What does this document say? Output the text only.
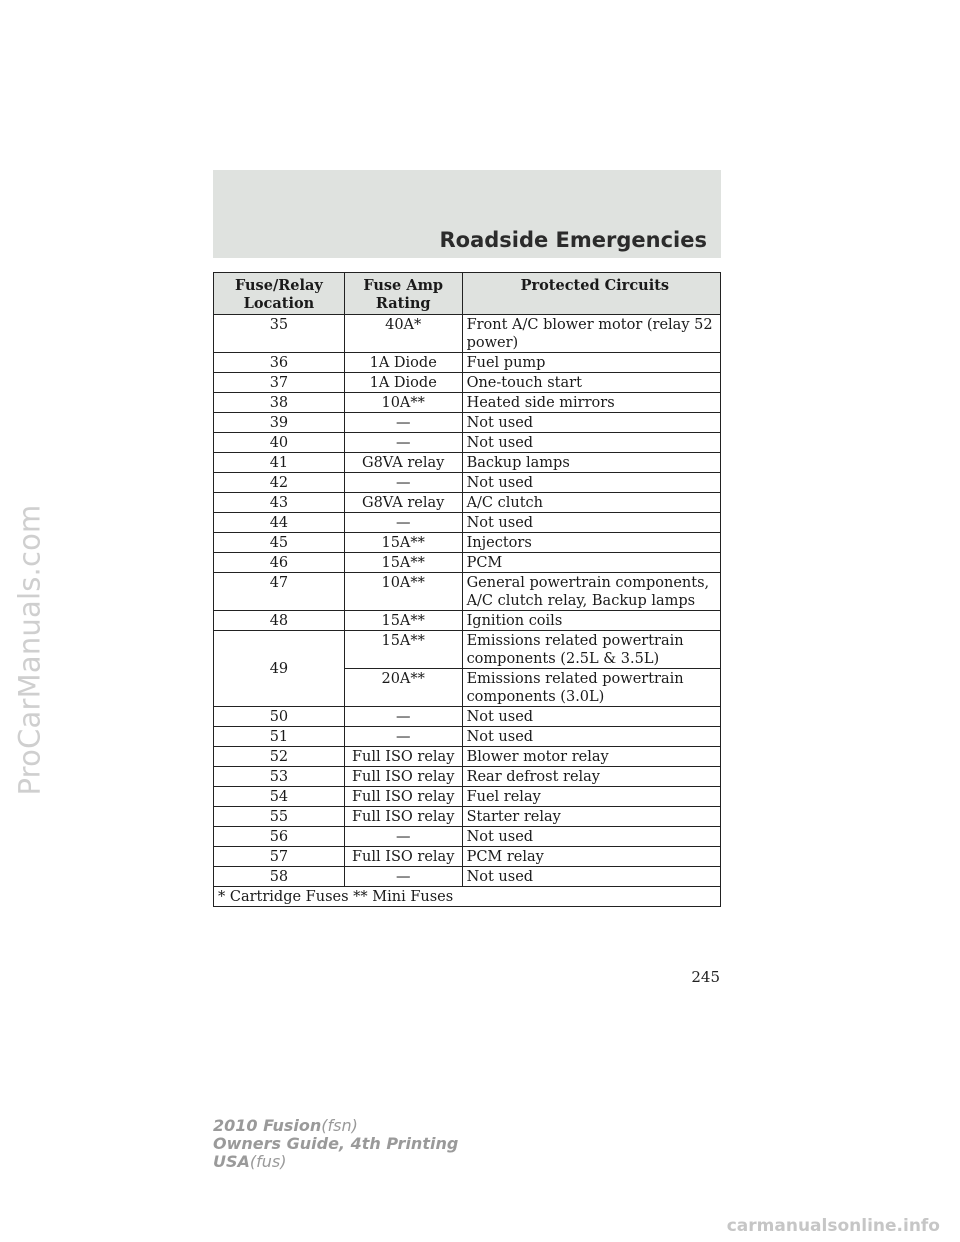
ProCarManuals.com
Roadside Emergencies
Fuse/Relay Location	Fuse Amp Rating	Protected Circuits
35	40A*	Front A/C blower motor (relay 52 power)
36	1A Diode	Fuel pump
37	1A Diode	One-touch start
38	10A**	Heated side mirrors
39	—	Not used
40	—	Not used
41	G8VA relay	Backup lamps
42	—	Not used
43	G8VA relay	A/C clutch
44	—	Not used
45	15A**	Injectors
46	15A**	PCM
47	10A**	General powertrain components, A/C clutch relay, Backup lamps
48	15A**	Ignition coils
49	15A**	Emissions related powertrain components (2.5L & 3.5L)
	20A**	Emissions related powertrain components (3.0L)
50	—	Not used
51	—	Not used
52	Full ISO relay	Blower motor relay
53	Full ISO relay	Rear defrost relay
54	Full ISO relay	Fuel relay
55	Full ISO relay	Starter relay
56	—	Not used
57	Full ISO relay	PCM relay
58	—	Not used
* Cartridge Fuses ** Mini Fuses		
245
2010 Fusion(fsn)
Owners Guide, 4th Printing
USA(fus)
carmanualsonline.info
